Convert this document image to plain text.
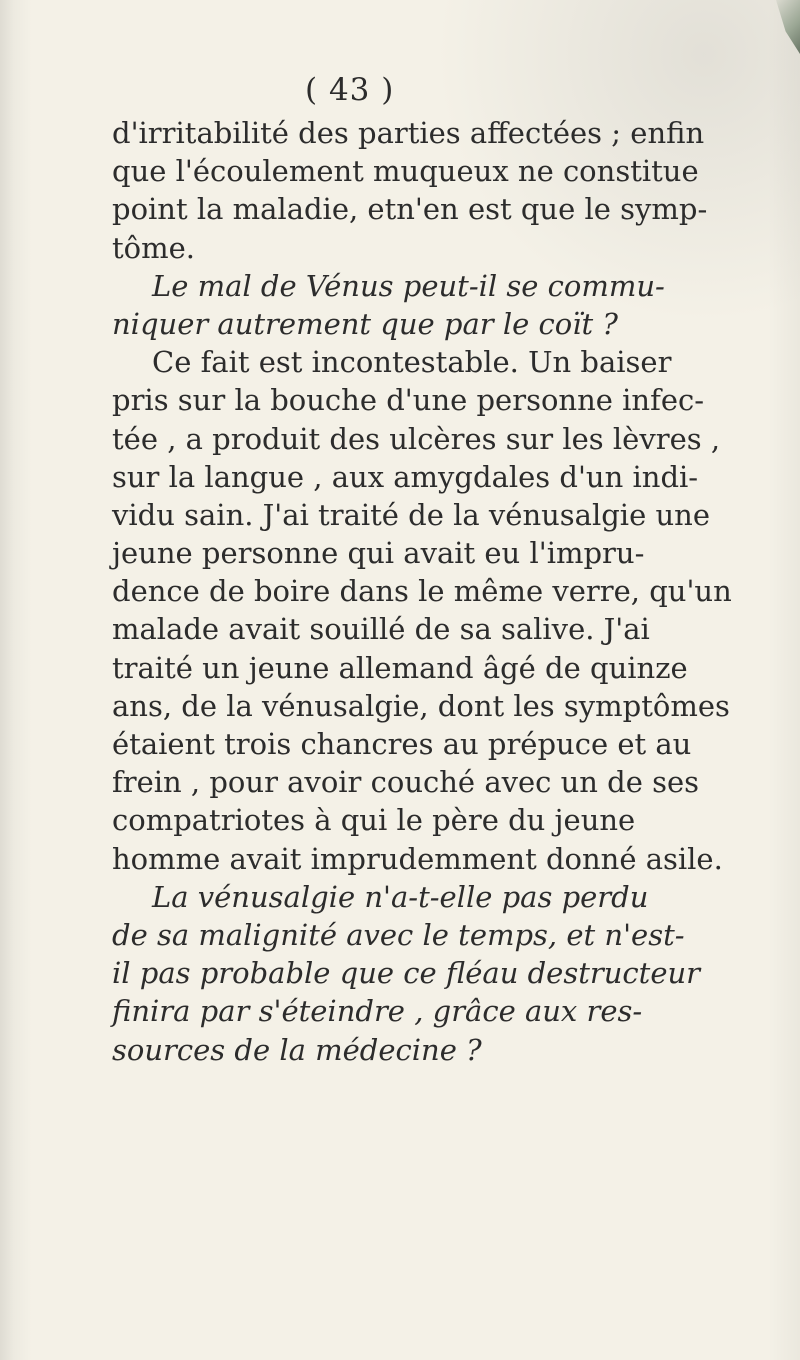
( 43 )
d'irritabilité des parties affectées ; enfin
que l'écoulement muqueux ne constitue
point la maladie, etn'en est que le symp-
tôme.
Le mal de Vénus peut-il se commu-
niquer autrement que par le coït ?
Ce fait est incontestable. Un baiser
pris sur la bouche d'une personne infec-
tée , a produit des ulcères sur les lèvres ,
sur la langue , aux amygdales d'un indi-
vidu sain. J'ai traité de la vénusalgie une
jeune personne qui avait eu l'impru-
dence de boire dans le même verre, qu'un
malade avait souillé de sa salive. J'ai
traité un jeune allemand âgé de quinze
ans, de la vénusalgie, dont les symptômes
étaient trois chancres au prépuce et au
frein , pour avoir couché avec un de ses
compatriotes à qui le père du jeune
homme avait imprudemment donné asile.
La vénusalgie n'a-t-elle pas perdu
de sa malignité avec le temps, et n'est-
il pas probable que ce fléau destructeur
finira par s'éteindre , grâce aux res-
sources de la médecine ?
